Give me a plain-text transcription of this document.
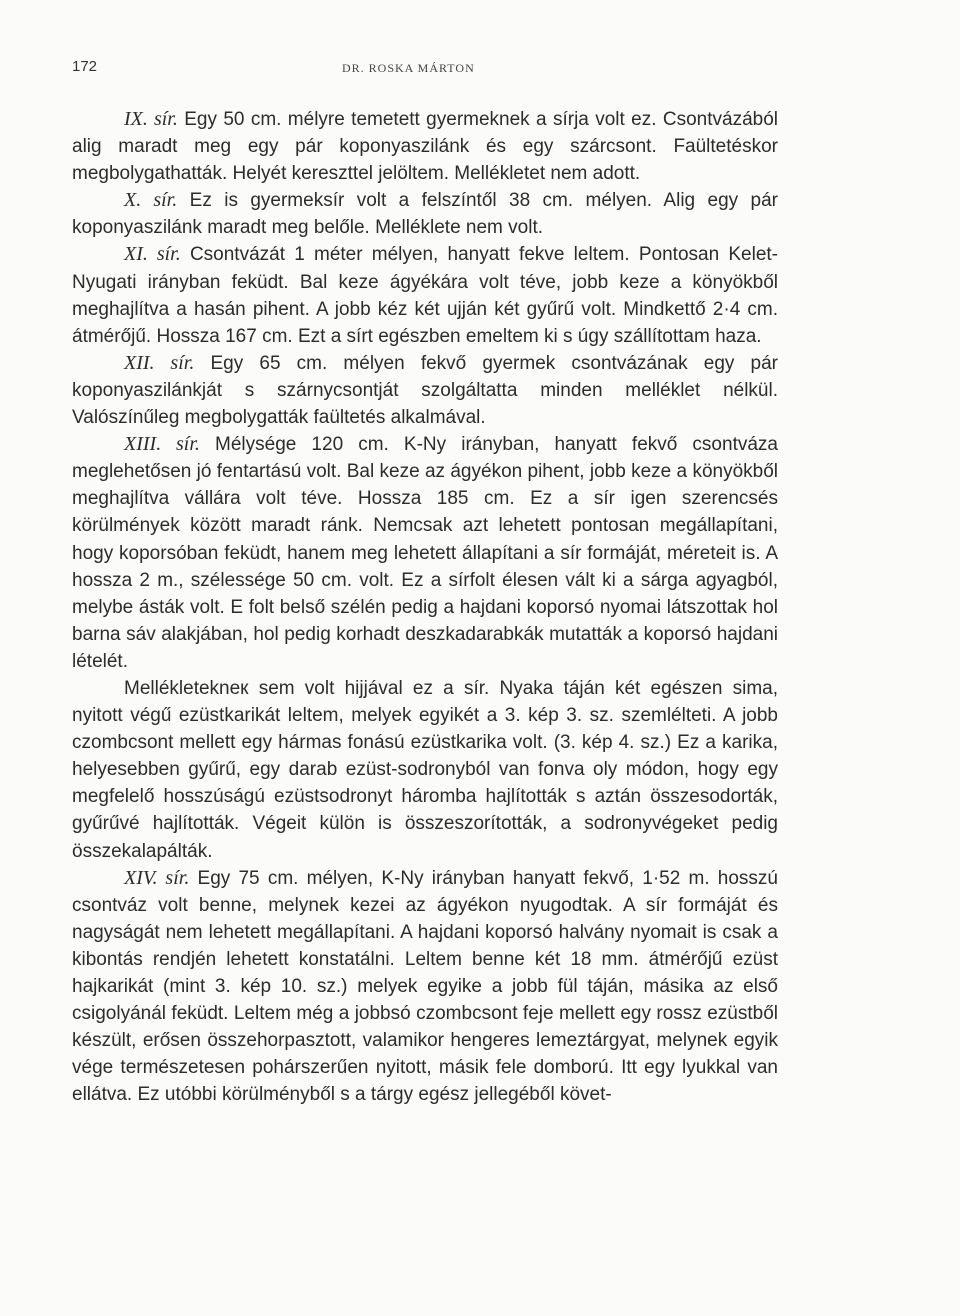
172	DR. ROSKA MÁRTON

IX. sír. Egy 50 cm. mélyre temetett gyermeknek a sírja volt ez. Csontvázából alig maradt meg egy pár koponyaszilánk és egy szárcsont. Faültetéskor megbolygathatták. Helyét kereszttel jelöltem. Mellékletet nem adott.

X. sír. Ez is gyermeksír volt a felszíntől 38 cm. mélyen. Alig egy pár koponyaszilánk maradt meg belőle. Melléklete nem volt.

XI. sír. Csontvázát 1 méter mélyen, hanyatt fekve leltem. Pontosan Kelet-Nyugati irányban feküdt. Bal keze ágyékára volt téve, jobb keze a könyökből meghajlítva a hasán pihent. A jobb kéz két ujján két gyűrű volt. Mindkettő 2·4 cm. átmérőjű. Hossza 167 cm. Ezt a sírt egészben emeltem ki s úgy szállítottam haza.

XII. sír. Egy 65 cm. mélyen fekvő gyermek csontvázának egy pár koponyaszilánkját s szárnycsontját szolgáltatta minden melléklet nélkül. Valószínűleg megbolygatták faültetés alkalmával.

XIII. sír. Mélysége 120 cm. K-Ny irányban, hanyatt fekvő csontváza meglehetősen jó fentartású volt. Bal keze az ágyékon pihent, jobb keze a könyökből meghajlítva vállára volt téve. Hossza 185 cm. Ez a sír igen szerencsés körülmények között maradt ránk. Nemcsak azt lehetett pontosan megállapítani, hogy koporsóban feküdt, hanem meg lehetett állapítani a sír formáját, méreteit is. A hossza 2 m., szélessége 50 cm. volt. Ez a sírfolt élesen vált ki a sárga agyagból, melybe ásták volt. E folt belső szélén pedig a hajdani koporsó nyomai látszottak hol barna sáv alakjában, hol pedig korhadt deszkadarabkák mutatták a koporsó hajdani lételét.

Mellékletekneк sem volt hijjával ez a sír. Nyaka táján két egészen sima, nyitott végű ezüstkarikát leltem, melyek egyikét a 3. kép 3. sz. szemlélteti. A jobb czombcsont mellett egy hármas fonású ezüstkarika volt. (3. kép 4. sz.) Ez a karika, helyesebben gyűrű, egy darab ezüst-sodronyból van fonva oly módon, hogy egy megfelelő hosszúságú ezüstsodronyt háromba hajlították s aztán összesodorták, gyűrűvé hajlították. Végeit külön is összeszorították, a sodronyvégeket pedig összekalapálták.

XIV. sír. Egy 75 cm. mélyen, K-Ny irányban hanyatt fekvő, 1·52 m. hosszú csontváz volt benne, melynek kezei az ágyékon nyugodtak. A sír formáját és nagyságát nem lehetett megállapítani. A hajdani koporsó halvány nyomait is csak a kibontás rendjén lehetett konstatálni. Leltem benne két 18 mm. átmérőjű ezüst hajkarikát (mint 3. kép 10. sz.) melyek egyike a jobb fül táján, másika az első csigolyánál feküdt. Leltem még a jobbsó czombcsont feje mellett egy rossz ezüstből készült, erősen összehorpasztott, valamikor hengeres lemeztárgyat, melynek egyik vége természetesen pohárszerűen nyitott, másik fele domború. Itt egy lyukkal van ellátva. Ez utóbbi körülményből s a tárgy egész jellegéből követ-
